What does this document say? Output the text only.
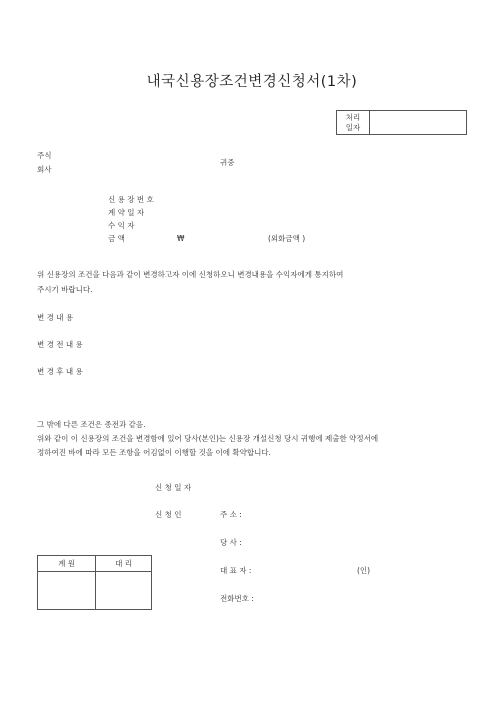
내국신용장조건변경신청서(1차)
처리
일자	
주식
회사
귀중
신 용 장 번 호
계 약 일 자
수 익 자
금 액	₩	(외화금액 )
위 신용장의 조건을 다음과 같이 변경하고자 이에 신청하오니 변경내용을 수익자에게 통지하여
주시기 바랍니다.
변 경 내 용
변 경 전 내 용
변 경 후 내 용
그 밖에 다른 조건은 종전과 같음.
위와 같이 이 신용장의 조건을 변경함에 있어 당사(본인)는 신용장 개설신청 당시 귀행에 제출한 약정서에
정하여진 바에 따라 모든 조항을 어김없이 이행할 것을 이에 확약합니다.
신 청 일 자
신 청 인	주 소 :
당 사 :
대 표 자 :	(인)
전화번호 :
계 원	대 리
